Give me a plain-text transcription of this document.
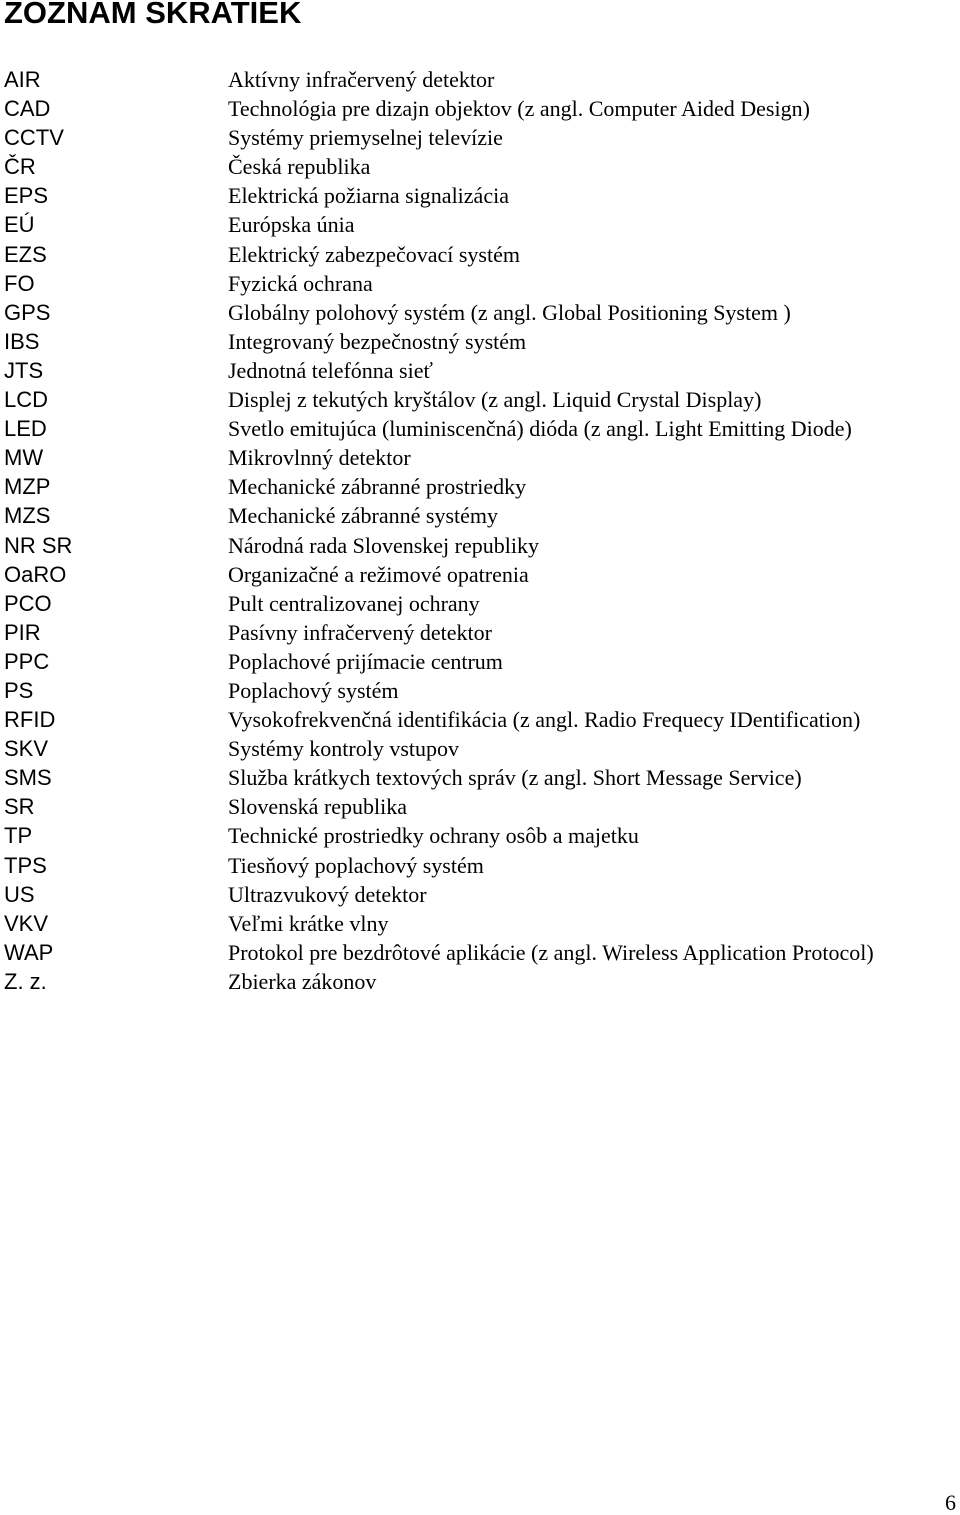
ZOZNAM SKRATIEK
AIR	Aktívny infračervený detektor
CAD	Technológia pre dizajn objektov (z angl. Computer Aided Design)
CCTV	Systémy priemyselnej televízie
ČR	Česká republika
EPS	Elektrická požiarna signalizácia
EÚ	Európska únia
EZS	Elektrický zabezpečovací systém
FO	Fyzická ochrana
GPS	Globálny polohový systém (z angl. Global Positioning System )
IBS	Integrovaný bezpečnostný systém
JTS	Jednotná telefónna sieť
LCD	Displej z tekutých kryštálov (z angl. Liquid Crystal Display)
LED	Svetlo emitujúca (luminiscenčná) dióda (z angl. Light Emitting Diode)
MW	Mikrovlnný detektor
MZP	Mechanické zábranné prostriedky
MZS	Mechanické zábranné systémy
NR SR	Národná rada Slovenskej republiky
OaRO	Organizačné a režimové opatrenia
PCO	Pult centralizovanej ochrany
PIR	Pasívny infračervený detektor
PPC	Poplachové prijímacie centrum
PS	Poplachový systém
RFID	Vysokofrekvenčná identifikácia (z angl. Radio Frequecy IDentification)
SKV	Systémy kontroly vstupov
SMS	Služba krátkych textových správ (z angl. Short Message Service)
SR	Slovenská republika
TP	Technické prostriedky ochrany osôb a majetku
TPS	Tiesňový poplachový systém
US	Ultrazvukový detektor
VKV	Veľmi krátke vlny
WAP	Protokol pre bezdrôtové aplikácie (z angl. Wireless Application Protocol)
Z. z.	Zbierka zákonov
6
